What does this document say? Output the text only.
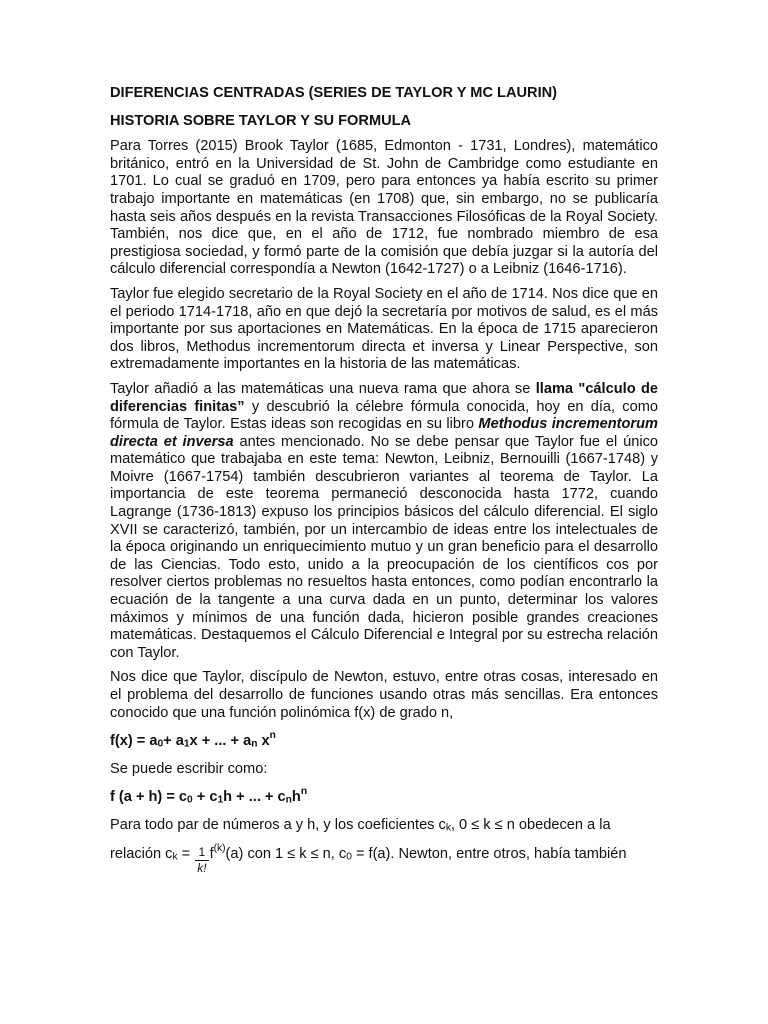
DIFERENCIAS CENTRADAS (SERIES DE TAYLOR Y MC LAURIN)
HISTORIA SOBRE TAYLOR Y SU FORMULA

Para Torres (2015) Brook Taylor (1685, Edmonton - 1731, Londres), matemático británico, entró en la Universidad de St. John de Cambridge como estudiante en 1701. Lo cual se graduó en 1709, pero para entonces ya había escrito su primer trabajo importante en matemáticas (en 1708) que, sin embargo, no se publicaría hasta seis años después en la revista Transacciones Filosóficas de la Royal Society. También, nos dice que, en el año de 1712, fue nombrado miembro de esa prestigiosa sociedad, y formó parte de la comisión que debía juzgar si la autoría del cálculo diferencial correspondía a Newton (1642-1727) o a Leibniz (1646-1716).

Taylor fue elegido secretario de la Royal Society en el año de 1714. Nos dice que en el periodo 1714-1718, año en que dejó la secretaría por motivos de salud, es el más importante por sus aportaciones en Matemáticas. En la época de 1715 aparecieron dos libros, Methodus incrementorum directa et inversa y Linear Perspective, son extremadamente importantes en la historia de las matemáticas.

Taylor añadió a las matemáticas una nueva rama que ahora se llama "cálculo de diferencias finitas” y descubrió la célebre fórmula conocida, hoy en día, como fórmula de Taylor. Estas ideas son recogidas en su libro Methodus incrementorum directa et inversa antes mencionado. No se debe pensar que Taylor fue el único matemático que trabajaba en este tema: Newton, Leibniz, Bernouilli (1667-1748) y Moivre (1667-1754) también descubrieron variantes al teorema de Taylor. La importancia de este teorema permaneció desconocida hasta 1772, cuando Lagrange (1736-1813) expuso los principios básicos del cálculo diferencial. El siglo XVII se caracterizó, también, por un intercambio de ideas entre los intelectuales de la época originando un enriquecimiento mutuo y un gran beneficio para el desarrollo de las Ciencias. Todo esto, unido a la preocupación de los científicos cos por resolver ciertos problemas no resueltos hasta entonces, como podían encontrarlo la ecuación de la tangente a una curva dada en un punto, determinar los valores máximos y mínimos de una función dada, hicieron posible grandes creaciones matemáticas. Destaquemos el Cálculo Diferencial e Integral por su estrecha relación con Taylor.

Nos dice que Taylor, discípulo de Newton, estuvo, entre otras cosas, interesado en el problema del desarrollo de funciones usando otras más sencillas. Era entonces conocido que una función polinómica f(x) de grado n,

$f(x) = a_0+ a_1x$ + ... + $a_n$ $x^n$

Se puede escribir como:

f $(a + h) = c_0 + c_1h$ + ... + $c_nh^n$

Para todo par de números a y h, y los coeficientes $c_k$, 0 ≤ k ≤ n obedecen a la

relación $c_k = \frac{1}{k!} f^{(k)}(a)$ con 1 ≤ k ≤ n, $c_0 = f(a)$. Newton, entre otros, había también
